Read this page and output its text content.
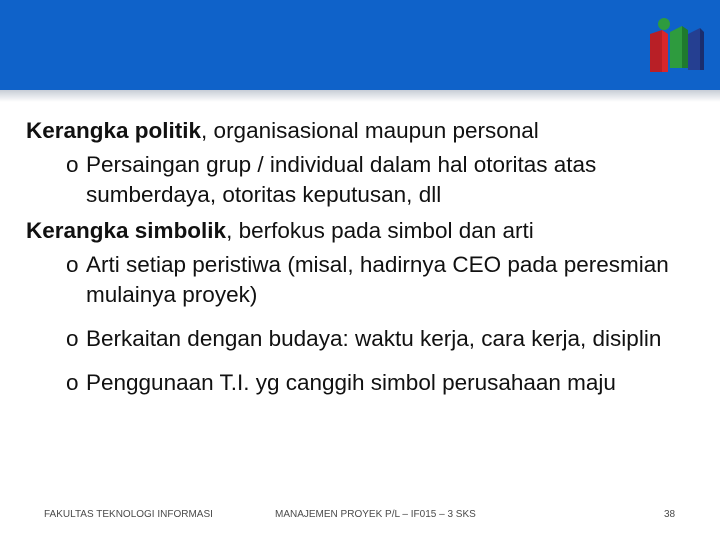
Kerangka politik, organisasional maupun personal

o Persaingan grup / individual dalam hal otoritas atas sumberdaya, otoritas keputusan, dll

Kerangka simbolik, berfokus pada simbol dan arti

o Arti setiap peristiwa (misal, hadirnya CEO pada peresmian mulainya proyek)
o Berkaitan dengan budaya: waktu kerja, cara kerja, disiplin
o Penggunaan T.I. yg canggih simbol perusahaan maju
FAKULTAS TEKNOLOGI INFORMASI	MANAJEMEN PROYEK P/L – IF015 – 3 SKS	38
